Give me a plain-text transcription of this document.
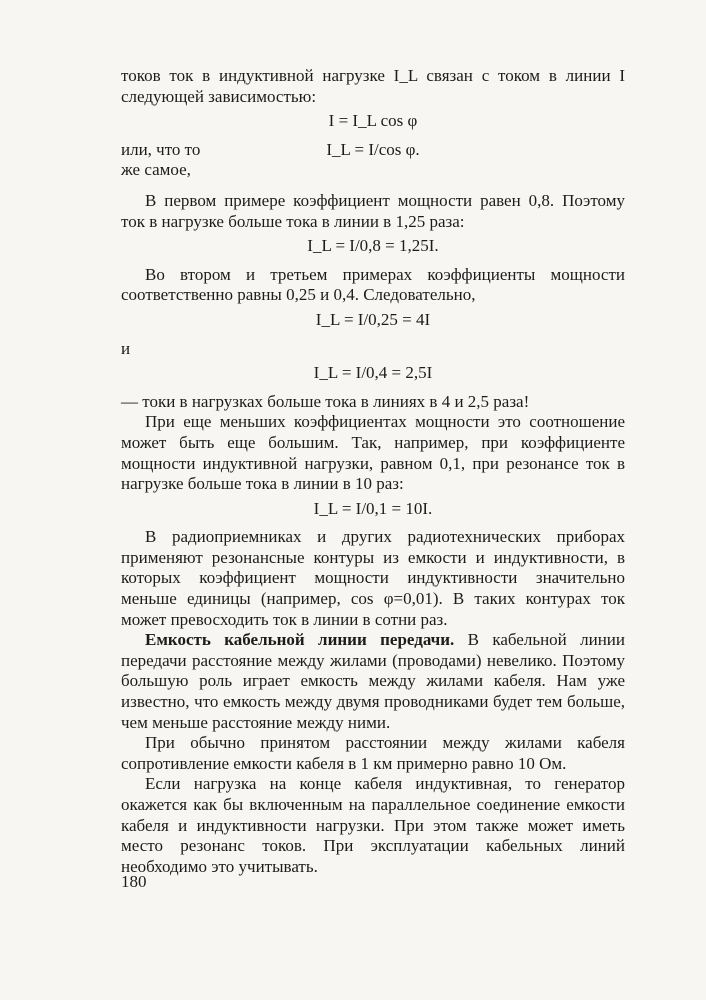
токов ток в индуктивной нагрузке I_L связан с током в линии I следующей зависимостью:

I = I_L cos φ
или, что то же самое,
I_L = I/cos φ.

В первом примере коэффициент мощности равен 0,8. Поэтому ток в нагрузке больше тока в линии в 1,25 раза:

I_L = I/0,8 = 1,25I.

Во втором и третьем примерах коэффициенты мощности соответственно равны 0,25 и 0,4. Следовательно,

I_L = I/0,25 = 4I

и

I_L = I/0,4 = 2,5I

— токи в нагрузках больше тока в линиях в 4 и 2,5 раза!

При еще меньших коэффициентах мощности это соотношение может быть еще большим. Так, например, при коэффициенте мощности индуктивной нагрузки, равном 0,1, при резонансе ток в нагрузке больше тока в линии в 10 раз:

I_L = I/0,1 = 10I.

В радиоприемниках и других радиотехнических приборах применяют резонансные контуры из емкости и индуктивности, в которых коэффициент мощности индуктивности значительно меньше единицы (например, cos φ=0,01). В таких контурах ток может превосходить ток в линии в сотни раз.

Емкость кабельной линии передачи. В кабельной линии передачи расстояние между жилами (проводами) невелико. Поэтому большую роль играет емкость между жилами кабеля. Нам уже известно, что емкость между двумя проводниками будет тем больше, чем меньше расстояние между ними.

При обычно принятом расстоянии между жилами кабеля сопротивление емкости кабеля в 1 км примерно равно 10 Ом.

Если нагрузка на конце кабеля индуктивная, то генератор окажется как бы включенным на параллельное соединение емкости кабеля и индуктивности нагрузки. При этом также может иметь место резонанс токов. При эксплуатации кабельных линий необходимо это учитывать.

180
